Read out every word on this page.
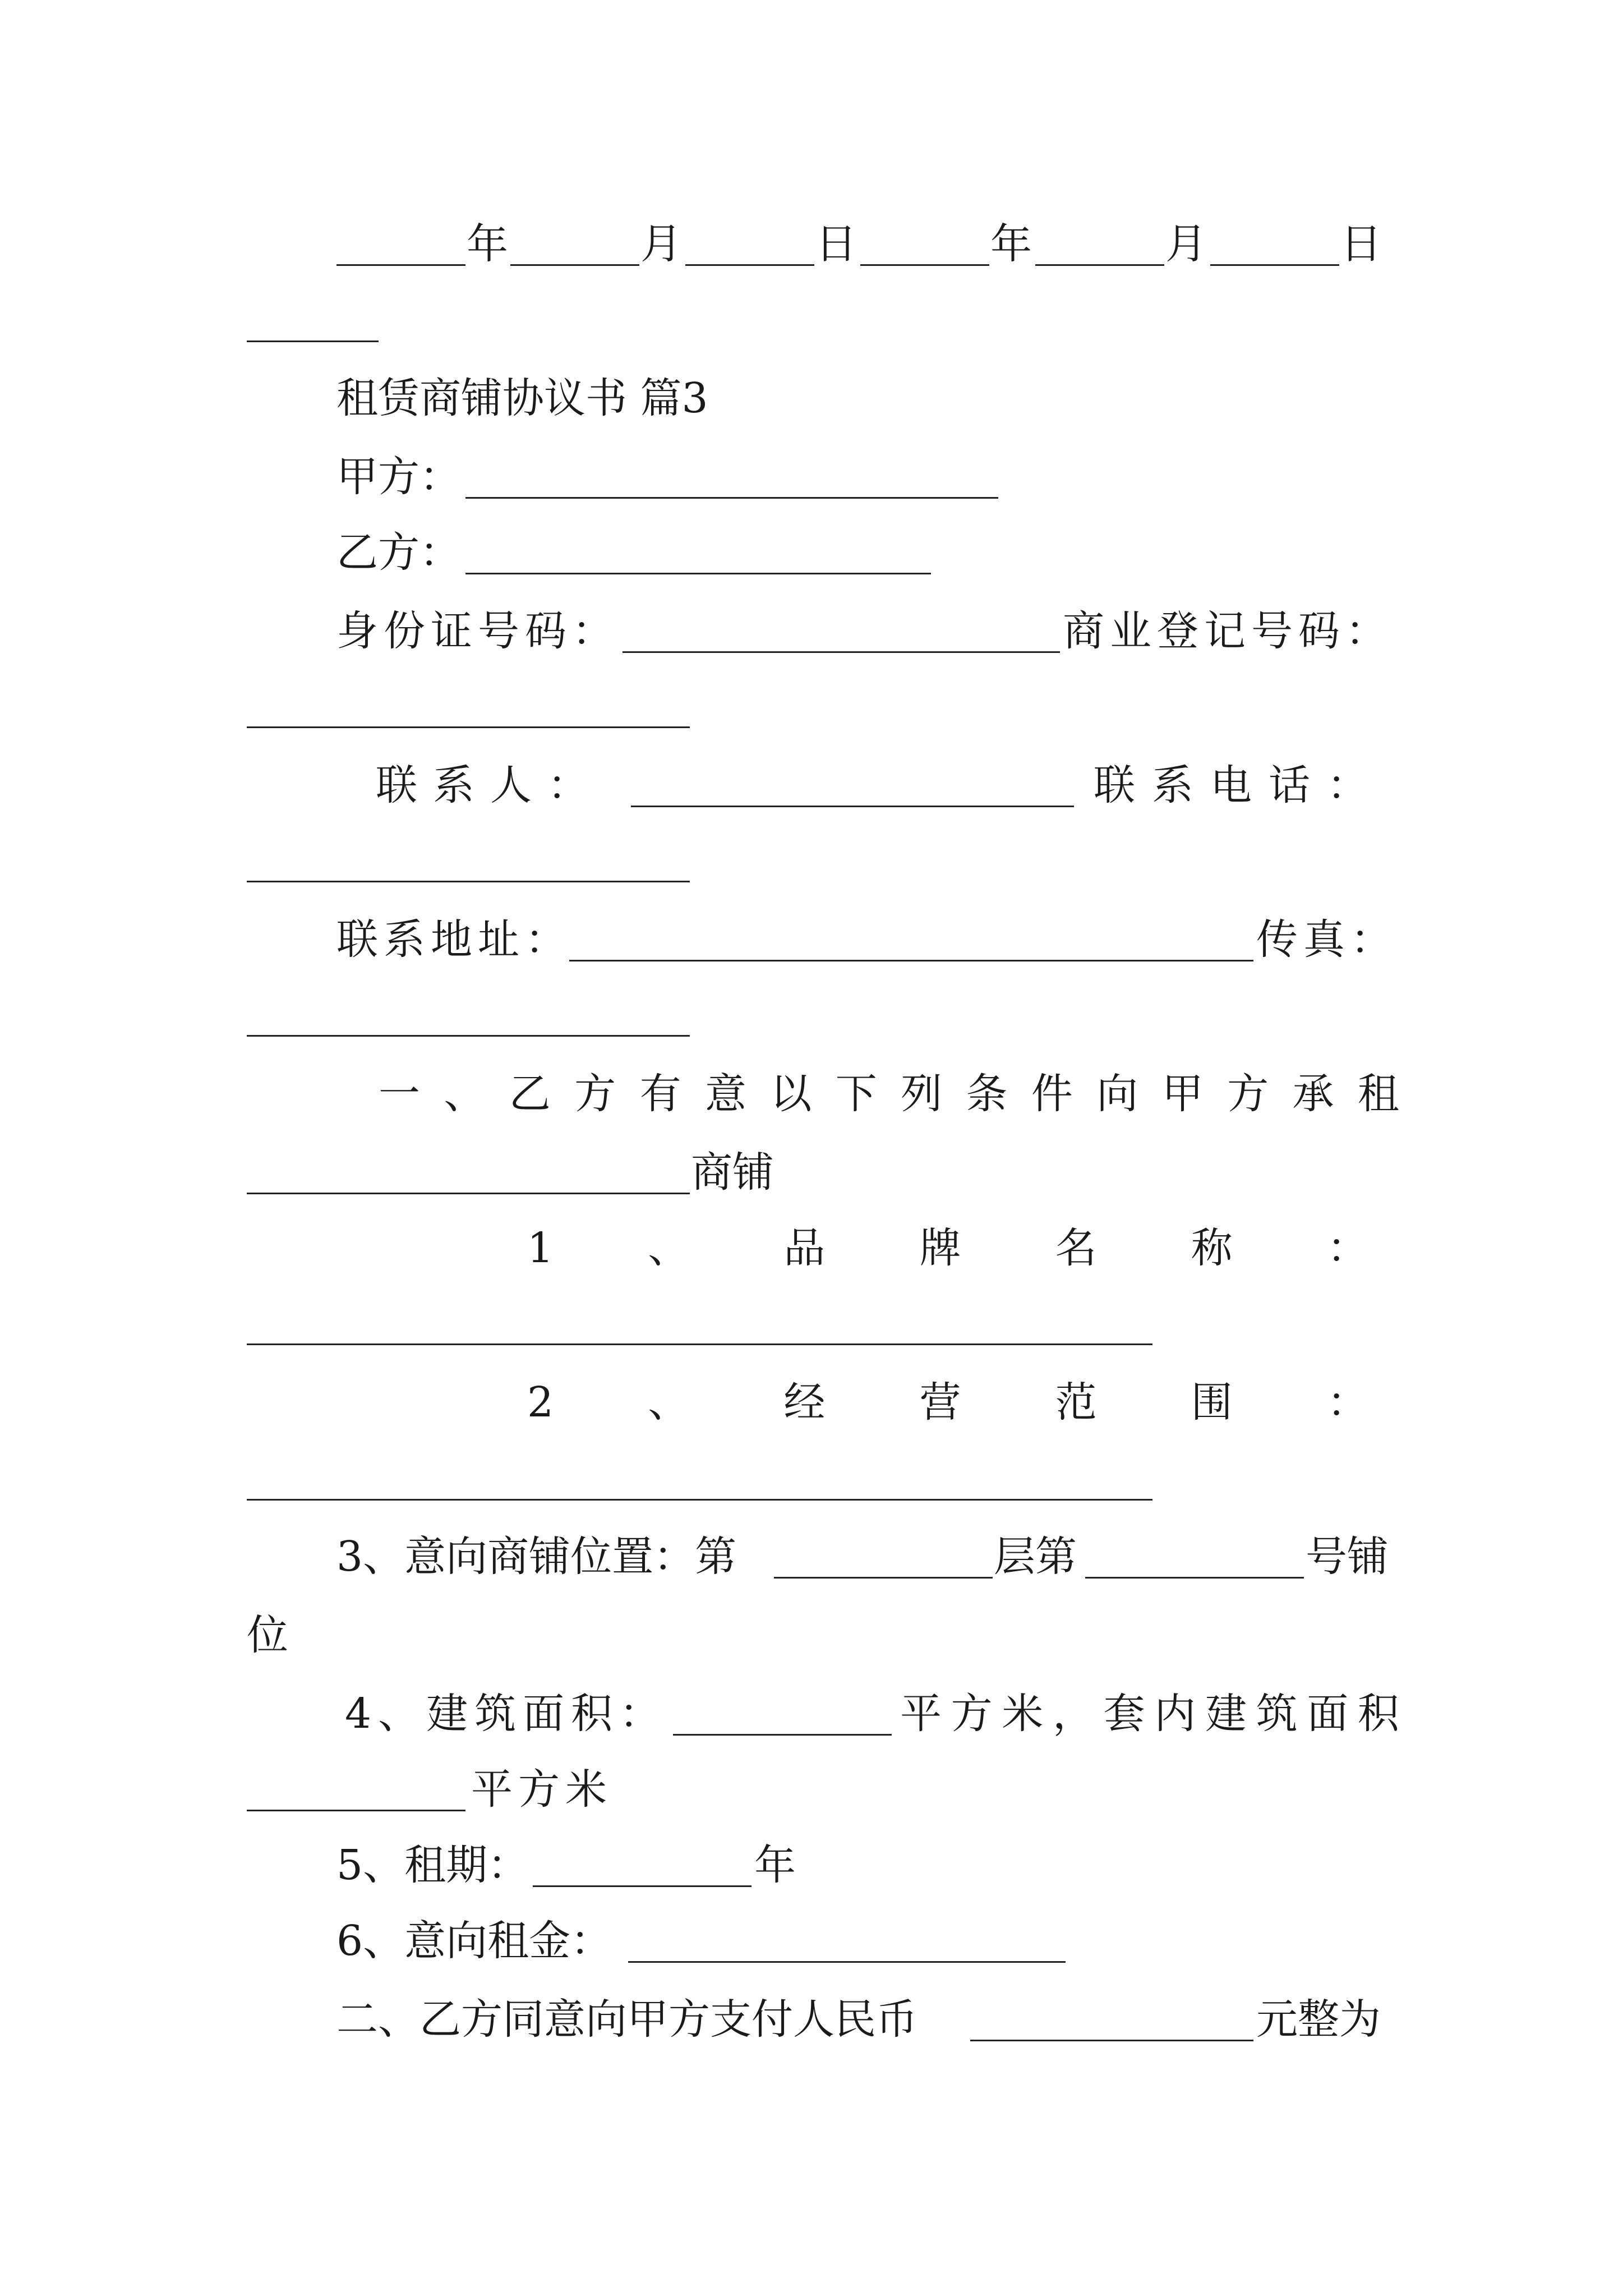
年	月	日	年	月	日
租赁商铺协议书 篇3
甲方：
乙方：
身份证号码：	商业登记号码：
联 系 人 ：	联 系 电 话 ：
联系地址：	传真：
一 、 乙 方 有 意 以 下 列 条 件 向 甲 方 承 租
商铺
1 、 品 牌 名 称 ：
2 、 经 营 范 围 ：
3、意向商铺位置：第	层第	号铺
位
4、建筑面积：	平 方 米 ， 套 内 建 筑 面 积
平方米
5、租期：	年
6、意向租金：
二、乙方同意向甲方支付人民币	元整为
